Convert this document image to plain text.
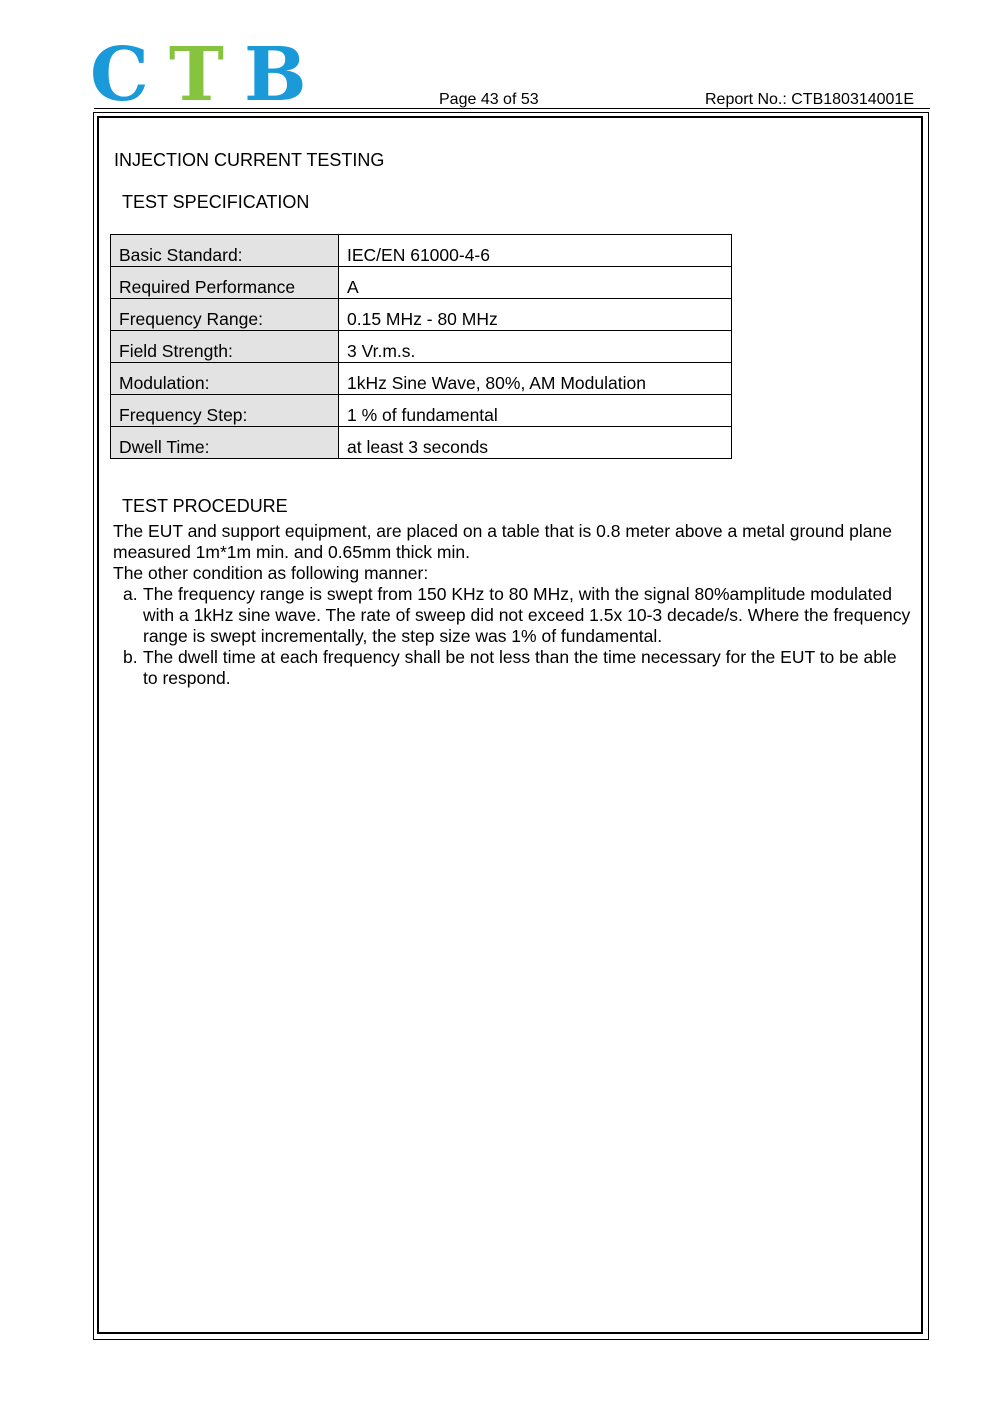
C T B	Page 43 of 53	Report No.: CTB180314001E
INJECTION CURRENT TESTING
TEST SPECIFICATION
Basic Standard:	IEC/EN 61000-4-6
Required Performance	A
Frequency Range:	0.15 MHz - 80 MHz
Field Strength:	3 Vr.m.s.
Modulation:	1kHz Sine Wave, 80%, AM Modulation
Frequency Step:	1 % of fundamental
Dwell Time:	at least 3 seconds
TEST PROCEDURE

The EUT and support equipment, are placed on a table that is 0.8 meter above a metal ground plane measured 1m*1m min. and 0.65mm thick min.

The other condition as following manner:

a. The frequency range is swept from 150 KHz to 80 MHz, with the signal 80%amplitude modulated with a 1kHz sine wave. The rate of sweep did not exceed 1.5x 10-3 decade/s. Where the frequency range is swept incrementally, the step size was 1% of fundamental.
b. The dwell time at each frequency shall be not less than the time necessary for the EUT to be able to respond.
